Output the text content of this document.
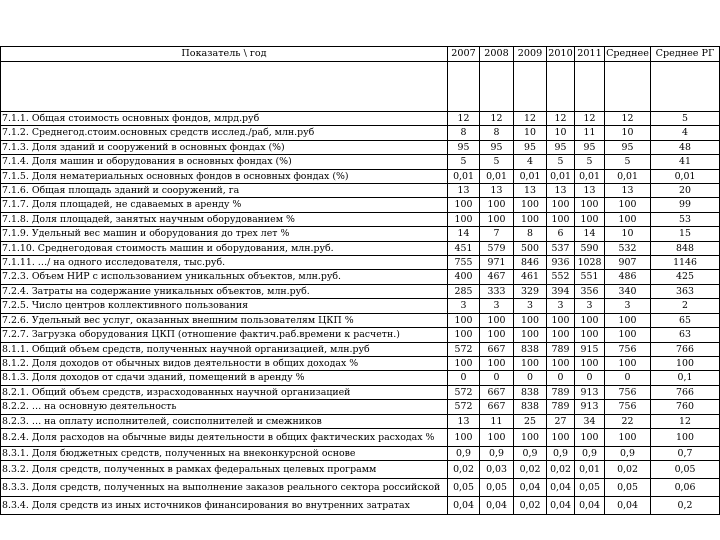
Показатель \ год	2007	2008	2009	2010	2011	Среднее	Среднее РГ

7.1.1. Общая стоимость основных фондов, млрд.руб	12	12	12	12	12	12	5
7.1.2. Среднегод.стоим.основных средств исслед./раб, млн.руб	8	8	10	10	11	10	4
7.1.3. Доля зданий и сооружений в основных фондах (%)	95	95	95	95	95	95	48
7.1.4. Доля машин и оборудования в основных фондах (%)	5	5	4	5	5	5	41
7.1.5. Доля нематериальных основных фондов в основных фондах (%)	0,01	0,01	0,01	0,01	0,01	0,01	0,01
7.1.6. Общая площадь зданий и сооружений, га	13	13	13	13	13	13	20
7.1.7. Доля площадей, не сдаваемых в аренду %	100	100	100	100	100	100	99
7.1.8. Доля площадей, занятых научным оборудованием %	100	100	100	100	100	100	53
7.1.9. Удельный вес машин и оборудования до трех лет %	14	7	8	6	14	10	15
7.1.10. Среднегодовая стоимость машин и оборудования, млн.руб.	451	579	500	537	590	532	848
7.1.11. …/ на одного исследователя, тыс.руб.	755	971	846	936	1028	907	1146
7.2.3. Объем НИР с использованием уникальных объектов, млн.руб.	400	467	461	552	551	486	425
7.2.4. Затраты на содержание уникальных объектов, млн.руб.	285	333	329	394	356	340	363
7.2.5. Число центров коллективного пользования	3	3	3	3	3	3	2
7.2.6. Удельный вес услуг, оказанных внешним пользователям ЦКП %	100	100	100	100	100	100	65
7.2.7. Загрузка оборудования ЦКП (отношение фактич.раб.времени к расчетн.)	100	100	100	100	100	100	63
8.1.1. Общий объем средств, полученных научной организацией, млн.руб	572	667	838	789	915	756	766
8.1.2. Доля доходов от обычных видов деятельности в общих доходах %	100	100	100	100	100	100	100
8.1.3. Доля доходов от сдачи зданий, помещений в аренду %	0	0	0	0	0	0	0,1
8.2.1. Общий объем средств, израсходованных научной организацией	572	667	838	789	913	756	766
8.2.2. … на основную деятельность	572	667	838	789	913	756	760
8.2.3. … на оплату исполнителей, соисполнителей и смежников	13	11	25	27	34	22	12
8.2.4. Доля расходов на обычные виды деятельности в общих фактических расходах %	100	100	100	100	100	100	100
8.3.1. Доля бюджетных средств, полученных на внеконкурсной основе	0,9	0,9	0,9	0,9	0,9	0,9	0,7
8.3.2. Доля средств, полученных в рамках федеральных целевых программ	0,02	0,03	0,02	0,02	0,01	0,02	0,05
8.3.3. Доля средств, полученных на выполнение заказов реального сектора российской	0,05	0,05	0,04	0,04	0,05	0,05	0,06
8.3.4. Доля средств из иных источников финансирования во внутренних затратах	0,04	0,04	0,02	0,04	0,04	0,04	0,2
